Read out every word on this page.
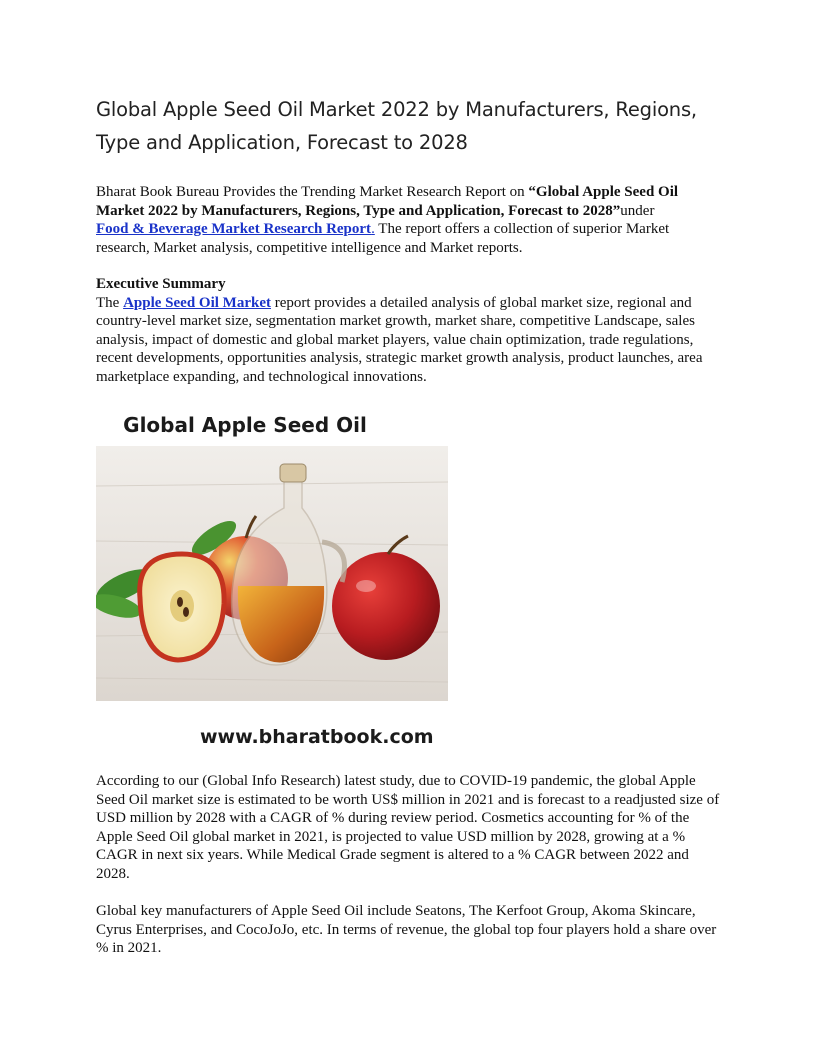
Global Apple Seed Oil Market 2022 by Manufacturers, Regions,
Type and Application, Forecast to 2028

Bharat Book Bureau Provides the Trending Market Research Report on “Global Apple Seed Oil Market 2022 by Manufacturers, Regions, Type and Application, Forecast to 2028”under
Food & Beverage Market Research Report. The report offers a collection of superior Market research, Market analysis, competitive intelligence and Market reports.

Executive Summary
The Apple Seed Oil Market report provides a detailed analysis of global market size, regional and country-level market size, segmentation market growth, market share, competitive Landscape, sales analysis, impact of domestic and global market players, value chain optimization, trade regulations, recent developments, opportunities analysis, strategic market growth analysis, product launches, area marketplace expanding, and technological innovations.

Global Apple Seed Oil

www.bharatbook.com

According to our (Global Info Research) latest study, due to COVID-19 pandemic, the global Apple Seed Oil market size is estimated to be worth US$ million in 2021 and is forecast to a readjusted size of USD million by 2028 with a CAGR of % during review period. Cosmetics accounting for % of the Apple Seed Oil global market in 2021, is projected to value USD million by 2028, growing at a % CAGR in next six years. While Medical Grade segment is altered to a % CAGR between 2022 and 2028.

Global key manufacturers of Apple Seed Oil include Seatons, The Kerfoot Group, Akoma Skincare, Cyrus Enterprises, and CocoJoJo, etc. In terms of revenue, the global top four players hold a share over % in 2021.
